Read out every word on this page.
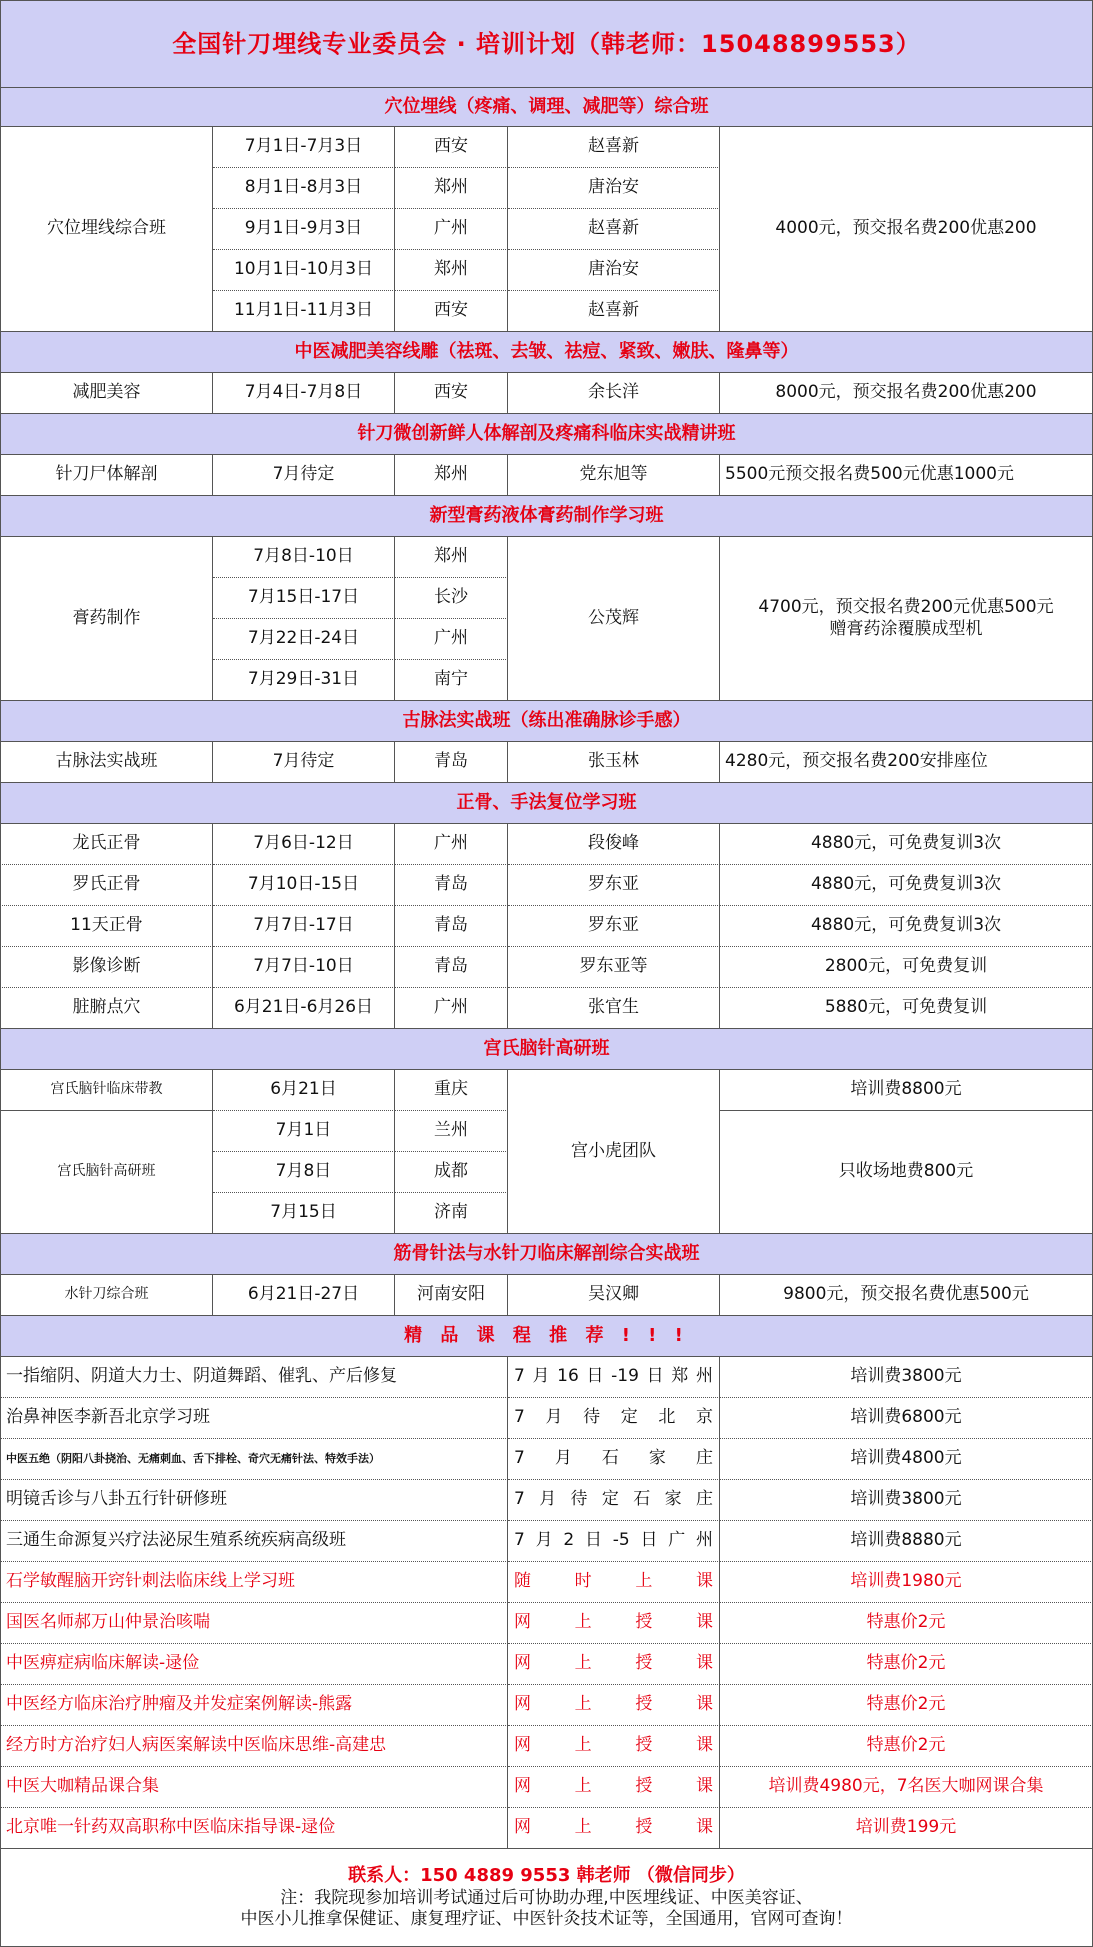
全国针刀埋线专业委员会 · 培训计划（韩老师：15048899553）
穴位埋线（疼痛、调理、减肥等）综合班
穴位埋线综合班
7月1日-7月3日	西安	赵喜新
8月1日-8月3日	郑州	唐治安
9月1日-9月3日	广州	赵喜新
10月1日-10月3日	郑州	唐治安
11月1日-11月3日	西安	赵喜新
4000元，预交报名费200优惠200
中医减肥美容线雕（祛斑、去皱、祛痘、紧致、嫩肤、隆鼻等）
减肥美容	7月4日-7月8日	西安	余长洋	8000元，预交报名费200优惠200
针刀微创新鲜人体解剖及疼痛科临床实战精讲班
针刀尸体解剖	7月待定	郑州	党东旭等	5500元预交报名费500元优惠1000元
新型膏药液体膏药制作学习班
膏药制作
7月8日-10日	郑州
7月15日-17日	长沙
7月22日-24日	广州
7月29日-31日	南宁
公茂辉
4700元，预交报名费200元优惠500元
赠膏药涂覆膜成型机
古脉法实战班（练出准确脉诊手感）
古脉法实战班	7月待定	青岛	张玉林	4280元，预交报名费200安排座位
正骨、手法复位学习班
龙氏正骨	7月6日-12日	广州	段俊峰	4880元，可免费复训3次
罗氏正骨	7月10日-15日	青岛	罗东亚	4880元，可免费复训3次
11天正骨	7月7日-17日	青岛	罗东亚	4880元，可免费复训3次
影像诊断	7月7日-10日	青岛	罗东亚等	2800元，可免费复训
脏腑点穴	6月21日-6月26日	广州	张官生	5880元，可免费复训
宫氏脑针高研班
宫氏脑针临床带教	6月21日	重庆	培训费8800元
宫氏脑针高研班
7月1日	兰州
7月8日	成都
7月15日	济南
只收场地费800元
宫小虎团队
筋骨针法与水针刀临床解剖综合实战班
水针刀综合班	6月21日-27日	河南安阳	吴汉卿	9800元，预交报名费优惠500元
精 品 课 程 推 荐 ! ! !
一指缩阴、阴道大力士、阴道舞蹈、催乳、产后修复	7 月 16 日 -19 日 郑 州	培训费3800元
治鼻神医李新吾北京学习班	7 月 待 定 北 京	培训费6800元
中医五绝（阴阳八卦挠治、无痛刺血、舌下排栓、奇穴无痛针法、特效手法）	7 月 石 家 庄	培训费4800元
明镜舌诊与八卦五行针研修班	7 月 待 定 石 家 庄	培训费3800元
三通生命源复兴疗法泌尿生殖系统疾病高级班	7 月 2 日 -5 日 广 州	培训费8880元
石学敏醒脑开窍针刺法临床线上学习班	随	时	上	课	培训费1980元
国医名师郝万山仲景治咳喘	网	上	授	课	特惠价2元
中医痹症病临床解读-逯俭	网	上	授	课	特惠价2元
中医经方临床治疗肿瘤及并发症案例解读-熊露	网	上	授	课	特惠价2元
经方时方治疗妇人病医案解读中医临床思维-高建忠	网	上	授	课	特惠价2元
中医大咖精品课合集	网	上	授	课	培训费4980元，7名医大咖网课合集
北京唯一针药双高职称中医临床指导课-逯俭	网	上	授	课	培训费199元
联系人：150 4889 9553 韩老师 （微信同步）
注：我院现参加培训考试通过后可协助办理,中医埋线证、中医美容证、
中医小儿推拿保健证、康复理疗证、中医针灸技术证等，全国通用，官网可查询！
